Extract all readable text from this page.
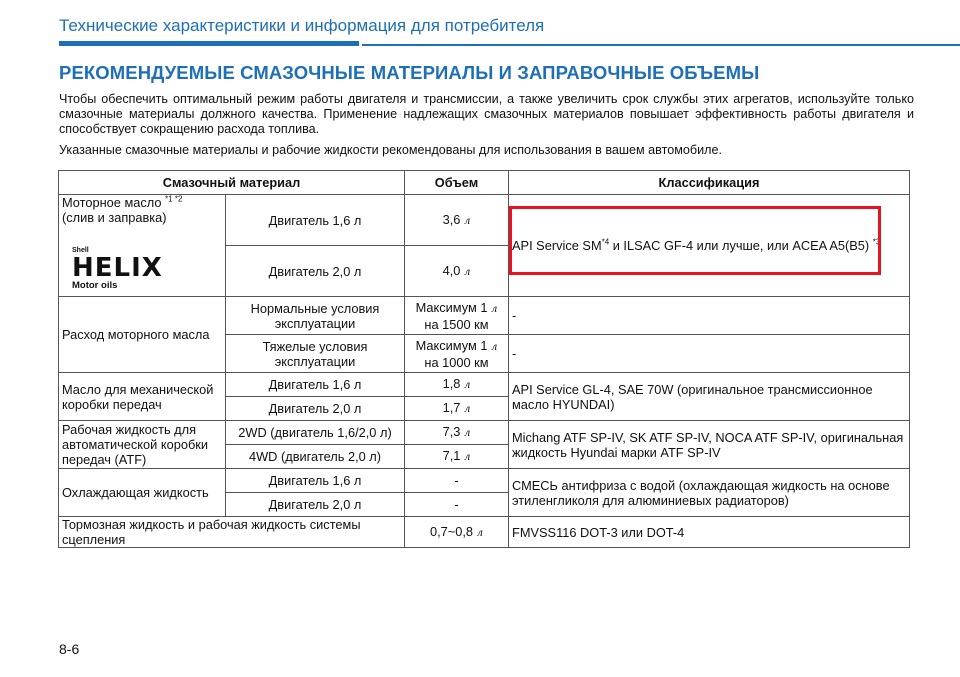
Технические характеристики и информация для потребителя
РЕКОМЕНДУЕМЫЕ СМАЗОЧНЫЕ МАТЕРИАЛЫ И ЗАПРАВОЧНЫЕ ОБЪЕМЫ
Чтобы обеспечить оптимальный режим работы двигателя и трансмиссии, а также увеличить срок службы этих агрегатов, используйте только смазочные материалы должного качества. Применение надлежащих смазочных материалов повышает эффективность работы двигателя и способствует сокращению расхода топлива.
Указанные смазочные материалы и рабочие жидкости рекомендованы для использования в вашем автомобиле.
Смазочный материал		Объем	Классификация

Моторное масло $^{*1 *2}$
(слив и заправка)
Shell
HELIX
Motor oils	Двигатель 1,6 л	3,6 л	API Service SM$^{*4}$ и ILSAC GF-4 или лучше, или ACEA A5(B5) $^{*3}$
	Двигатель 2,0 л	4,0 л	
Расход моторного масла	Нормальные условия эксплуатации	Максимум 1 л
на 1500 км	-
	Тяжелые условия эксплуатации	Максимум 1 л
на 1000 км	-
Масло для механической коробки передач	Двигатель 1,6 л	1,8 л	API Service GL-4, SAE 70W (оригинальное трансмиссионное масло HYUNDAI)
	Двигатель 2,0 л	1,7 л	
Рабочая жидкость для автоматической коробки передач (ATF)	2WD (двигатель 1,6/2,0 л)	7,3 л	Michang ATF SP-IV, SK ATF SP-IV, NOCA ATF SP-IV, оригинальная жидкость Hyundai марки ATF SP-IV
	4WD (двигатель 2,0 л)	7,1 л	
Охлаждающая жидкость	Двигатель 1,6 л	-	СМЕСЬ антифриза с водой (охлаждающая жидкость на основе этиленгликоля для алюминиевых радиаторов)
	Двигатель 2,0 л	-	
Тормозная жидкость и рабочая жидкость системы сцепления		0,7~0,8 л	FMVSS116 DOT-3 или DOT-4
8-6
